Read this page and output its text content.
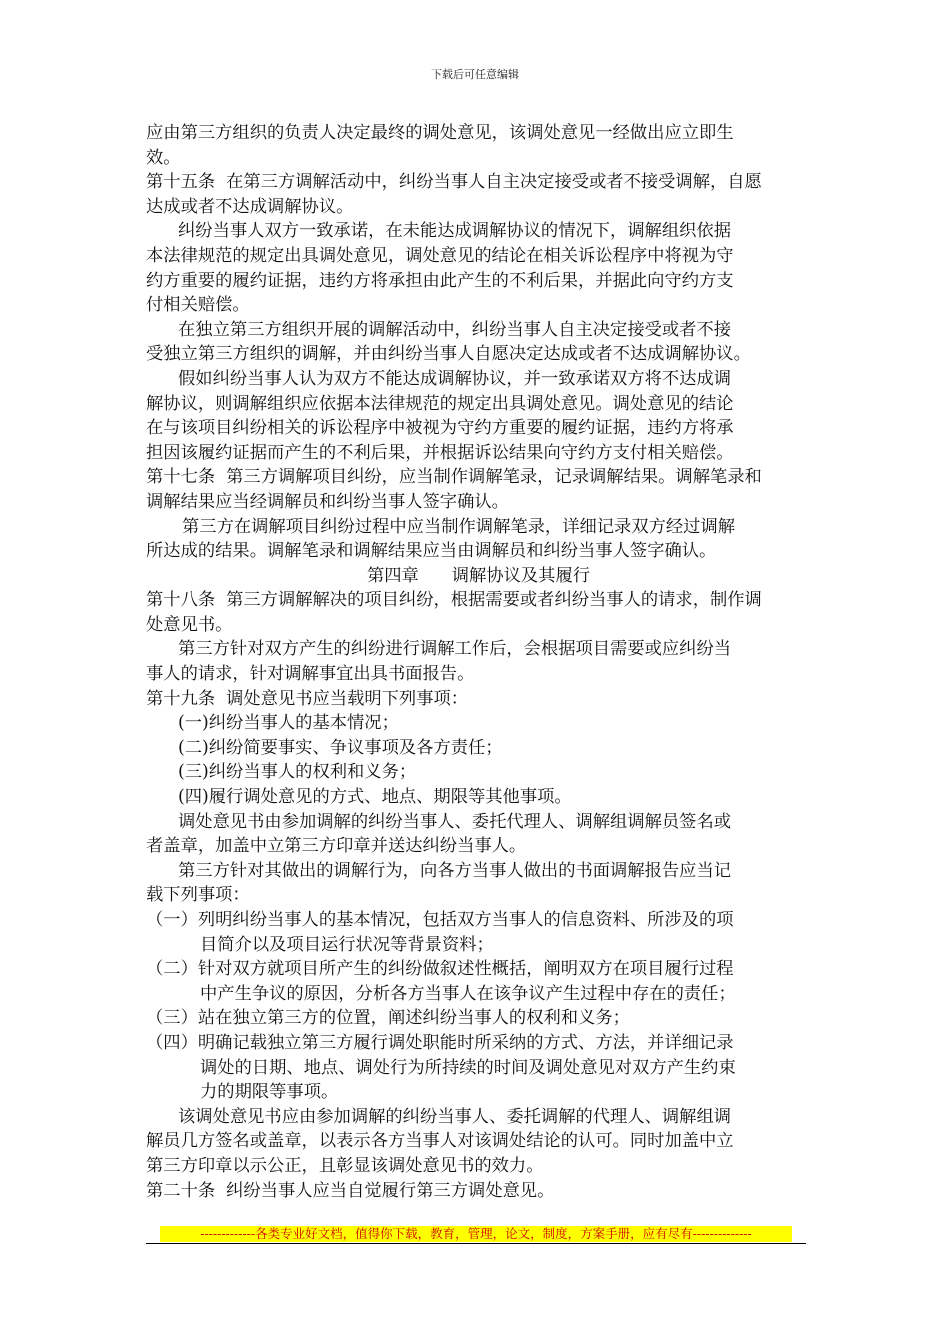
下载后可任意编辑
应由第三方组织的负责人决定最终的调处意见，该调处意见一经做出应立即生
效。
第十五条  在第三方调解活动中，纠纷当事人自主决定接受或者不接受调解，自愿
达成或者不达成调解协议。
纠纷当事人双方一致承诺，在未能达成调解协议的情况下，调解组织依据
本法律规范的规定出具调处意见，调处意见的结论在相关诉讼程序中将视为守
约方重要的履约证据，违约方将承担由此产生的不利后果，并据此向守约方支
付相关赔偿。
在独立第三方组织开展的调解活动中，纠纷当事人自主决定接受或者不接
受独立第三方组织的调解，并由纠纷当事人自愿决定达成或者不达成调解协议。
假如纠纷当事人认为双方不能达成调解协议，并一致承诺双方将不达成调
解协议，则调解组织应依据本法律规范的规定出具调处意见。调处意见的结论
在与该项目纠纷相关的诉讼程序中被视为守约方重要的履约证据，违约方将承
担因该履约证据而产生的不利后果，并根据诉讼结果向守约方支付相关赔偿。
第十七条  第三方调解项目纠纷，应当制作调解笔录，记录调解结果。调解笔录和
调解结果应当经调解员和纠纷当事人签字确认。
第三方在调解项目纠纷过程中应当制作调解笔录，详细记录双方经过调解
所达成的结果。调解笔录和调解结果应当由调解员和纠纷当事人签字确认。
第四章      调解协议及其履行
第十八条  第三方调解解决的项目纠纷，根据需要或者纠纷当事人的请求，制作调
处意见书。
第三方针对双方产生的纠纷进行调解工作后，会根据项目需要或应纠纷当
事人的请求，针对调解事宜出具书面报告。
第十九条  调处意见书应当载明下列事项：
(一)纠纷当事人的基本情况；
(二)纠纷简要事实、争议事项及各方责任；
(三)纠纷当事人的权利和义务；
(四)履行调处意见的方式、地点、期限等其他事项。
调处意见书由参加调解的纠纷当事人、委托代理人、调解组调解员签名或
者盖章，加盖中立第三方印章并送达纠纷当事人。
第三方针对其做出的调解行为，向各方当事人做出的书面调解报告应当记
载下列事项：
（一）列明纠纷当事人的基本情况，包括双方当事人的信息资料、所涉及的项
目简介以及项目运行状况等背景资料；
（二）针对双方就项目所产生的纠纷做叙述性概括，阐明双方在项目履行过程
中产生争议的原因，分析各方当事人在该争议产生过程中存在的责任；
（三）站在独立第三方的位置，阐述纠纷当事人的权利和义务；
（四）明确记载独立第三方履行调处职能时所采纳的方式、方法，并详细记录
调处的日期、地点、调处行为所持续的时间及调处意见对双方产生约束
力的期限等事项。
该调处意见书应由参加调解的纠纷当事人、委托调解的代理人、调解组调
解员几方签名或盖章，以表示各方当事人对该调处结论的认可。同时加盖中立
第三方印章以示公正，且彰显该调处意见书的效力。
第二十条  纠纷当事人应当自觉履行第三方调处意见。
-------------各类专业好文档，值得你下载，教育，管理，论文，制度，方案手册，应有尽有--------------
